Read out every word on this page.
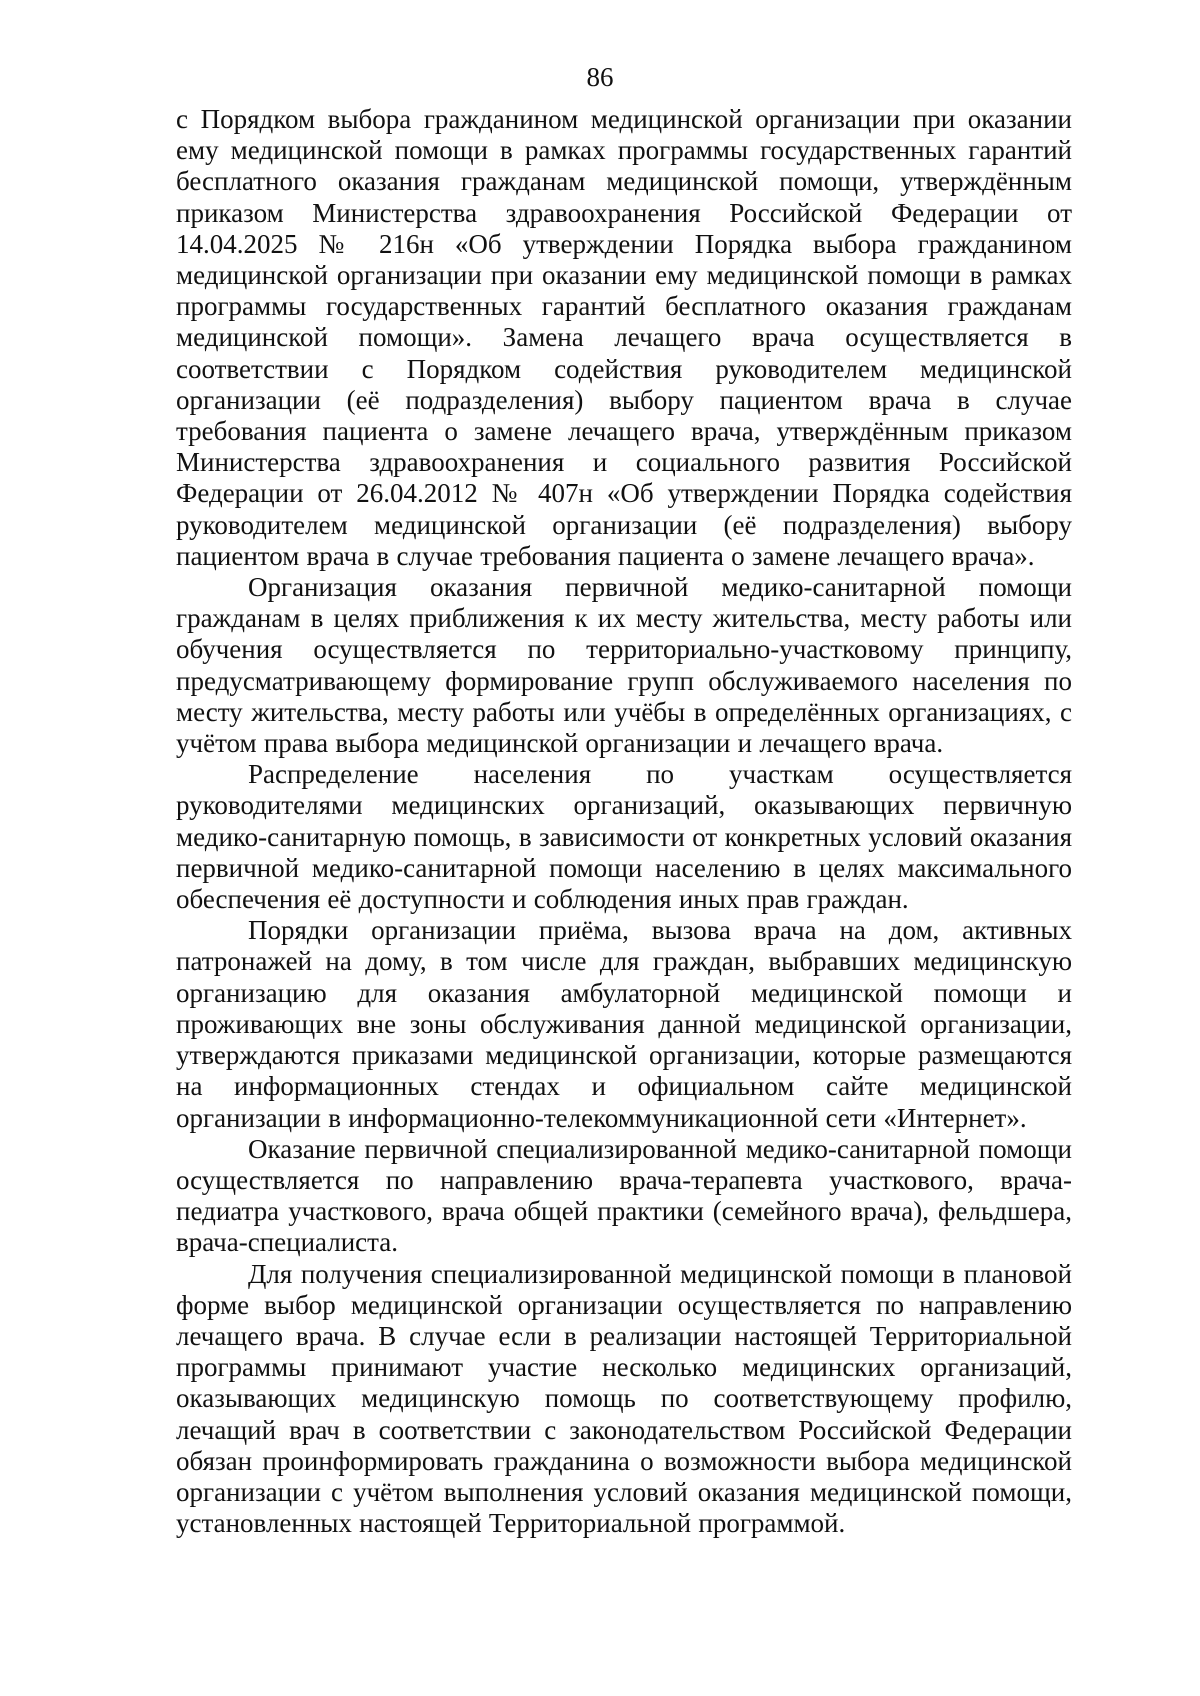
86

с Порядком выбора гражданином медицинской организации при оказании ему медицинской помощи в рамках программы государственных гарантий бесплатного оказания гражданам медицинской помощи, утверждённым приказом Министерства здравоохранения Российской Федерации от 14.04.2025 № 216н «Об утверждении Порядка выбора гражданином медицинской организации при оказании ему медицинской помощи в рамках программы государственных гарантий бесплатного оказания гражданам медицинской помощи». Замена лечащего врача осуществляется в соответствии с Порядком содействия руководителем медицинской организации (её подразделения) выбору пациентом врача в случае требования пациента о замене лечащего врача, утверждённым приказом Министерства здравоохранения и социального развития Российской Федерации от 26.04.2012 № 407н «Об утверждении Порядка содействия руководителем медицинской организации (её подразделения) выбору пациентом врача в случае требования пациента о замене лечащего врача».

Организация оказания первичной медико-санитарной помощи гражданам в целях приближения к их месту жительства, месту работы или обучения осуществляется по территориально-участковому принципу, предусматривающему формирование групп обслуживаемого населения по месту жительства, месту работы или учёбы в определённых организациях, с учётом права выбора медицинской организации и лечащего врача.

Распределение населения по участкам осуществляется руководителями медицинских организаций, оказывающих первичную медико-санитарную помощь, в зависимости от конкретных условий оказания первичной медико-санитарной помощи населению в целях максимального обеспечения её доступности и соблюдения иных прав граждан.

Порядки организации приёма, вызова врача на дом, активных патронажей на дому, в том числе для граждан, выбравших медицинскую организацию для оказания амбулаторной медицинской помощи и проживающих вне зоны обслуживания данной медицинской организации, утверждаются приказами медицинской организации, которые размещаются на информационных стендах и официальном сайте медицинской организации в информационно-телекоммуникационной сети «Интернет».

Оказание первичной специализированной медико-санитарной помощи осуществляется по направлению врача-терапевта участкового, врача-педиатра участкового, врача общей практики (семейного врача), фельдшера, врача-специалиста.

Для получения специализированной медицинской помощи в плановой форме выбор медицинской организации осуществляется по направлению лечащего врача. В случае если в реализации настоящей Территориальной программы принимают участие несколько медицинских организаций, оказывающих медицинскую помощь по соответствующему профилю, лечащий врач в соответствии с законодательством Российской Федерации обязан проинформировать гражданина о возможности выбора медицинской организации с учётом выполнения условий оказания медицинской помощи, установленных настоящей Территориальной программой.
